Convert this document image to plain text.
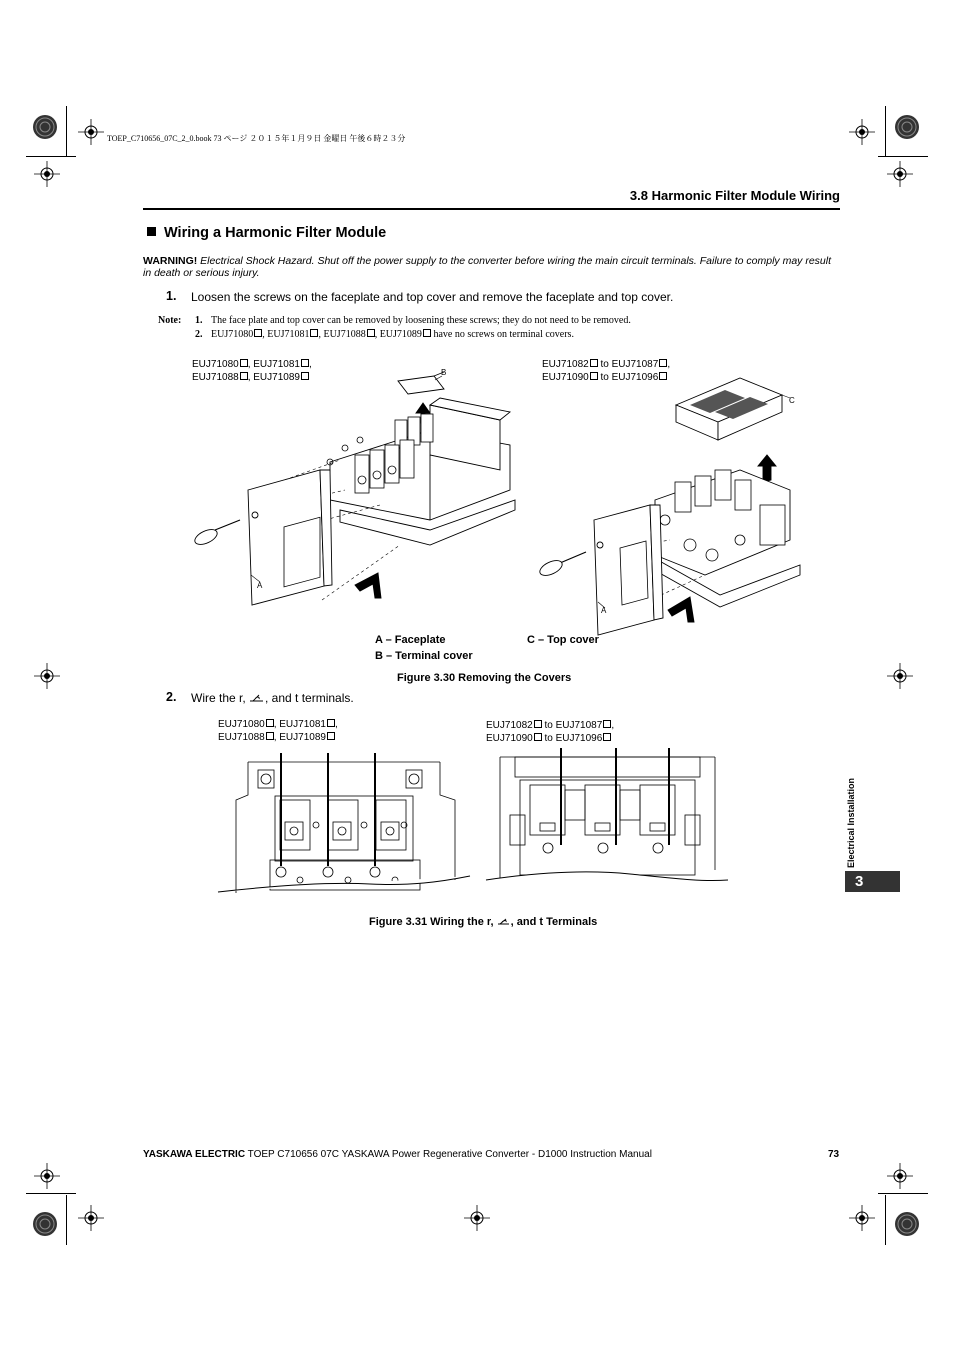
TOEP_C710656_07C_2_0.book 73 ページ ２０１５年１月９日 金曜日 午後６時２３分
3.8 Harmonic Filter Module Wiring
Wiring a Harmonic Filter Module
WARNING! Electrical Shock Hazard. Shut off the power supply to the converter before wiring the main circuit terminals. Failure to comply may result in death or serious injury.
1. Loosen the screws on the faceplate and top cover and remove the faceplate and top cover.
Note: 1. The face plate and top cover can be removed by loosening these screws; they do not need to be removed.
2. EUJ71080 , EUJ71081 , EUJ71088 , EUJ71089 have no screws on terminal covers.
EUJ71080 , EUJ71081 ,
EUJ71088 , EUJ71089
EUJ71082 to EUJ71087 ,
EUJ71090 to EUJ71096
B
A
C
A
A – Faceplate
B – Terminal cover
C – Top cover
Figure 3.30 Removing the Covers
2. Wire the r, , and t terminals.
EUJ71080 , EUJ71081 ,
EUJ71088 , EUJ71089
EUJ71082 to EUJ71087 ,
EUJ71090 to EUJ71096
Figure 3.31 Wiring the r, , and t Terminals
Electrical Installation
3
YASKAWA ELECTRIC TOEP C710656 07C YASKAWA Power Regenerative Converter - D1000 Instruction Manual	73
